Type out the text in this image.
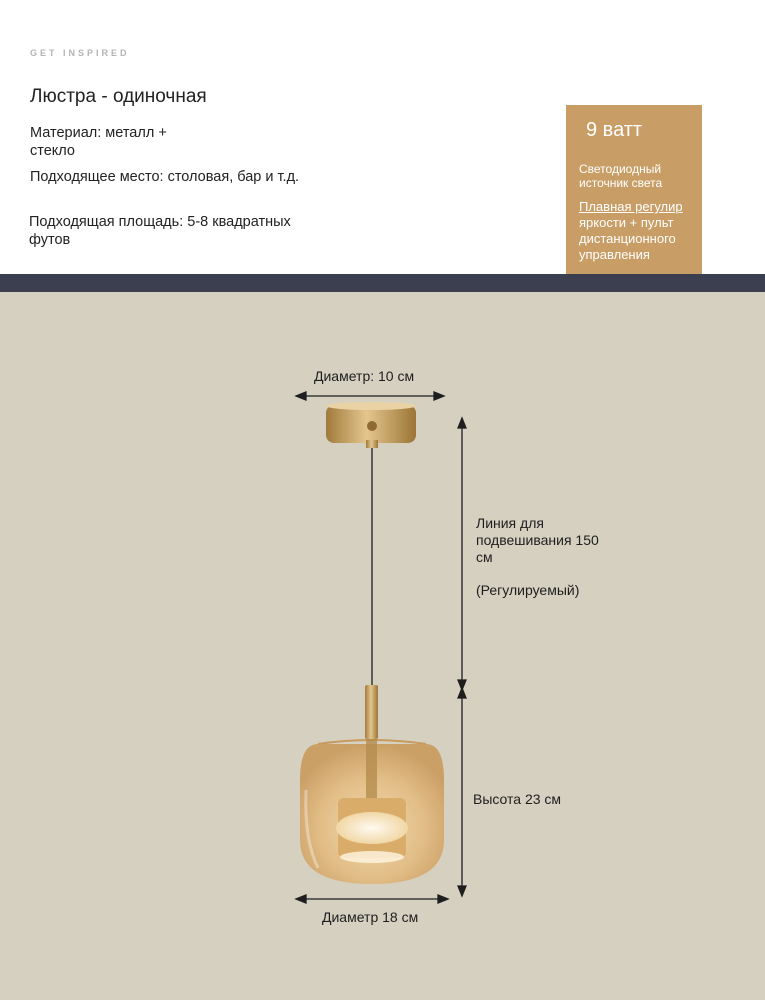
GET INSPIRED
Люстра - одиночная
Материал: металл + стекло
Подходящее место: столовая, бар и т.д.
Подходящая площадь: 5-8 квадратных футов
9 ватт
Светодиодный источник света
Плавная регулир
яркости + пульт
дистанционного
управления
Диаметр: 10 см
Линия для подвешивания 150 см
(Регулируемый)
Высота 23 см
Диаметр 18 см
